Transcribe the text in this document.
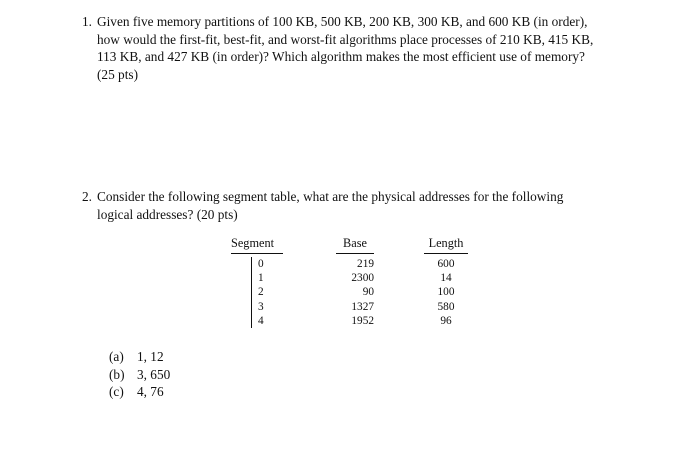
1. Given five memory partitions of 100 KB, 500 KB, 200 KB, 300 KB, and 600 KB (in order),
how would the first-fit, best-fit, and worst-fit algorithms place processes of 210 KB, 415 KB,
113 KB, and 427 KB (in order)? Which algorithm makes the most efficient use of memory?
(25 pts)
2. Consider the following segment table, what are the physical addresses for the following
logical addresses? (20 pts)
Segment
0
1
2
3
4
Base
219
2300
90
1327
1952
Length
600
14
100
580
96
(a) 1, 12
(b) 3, 650
(c) 4, 76
